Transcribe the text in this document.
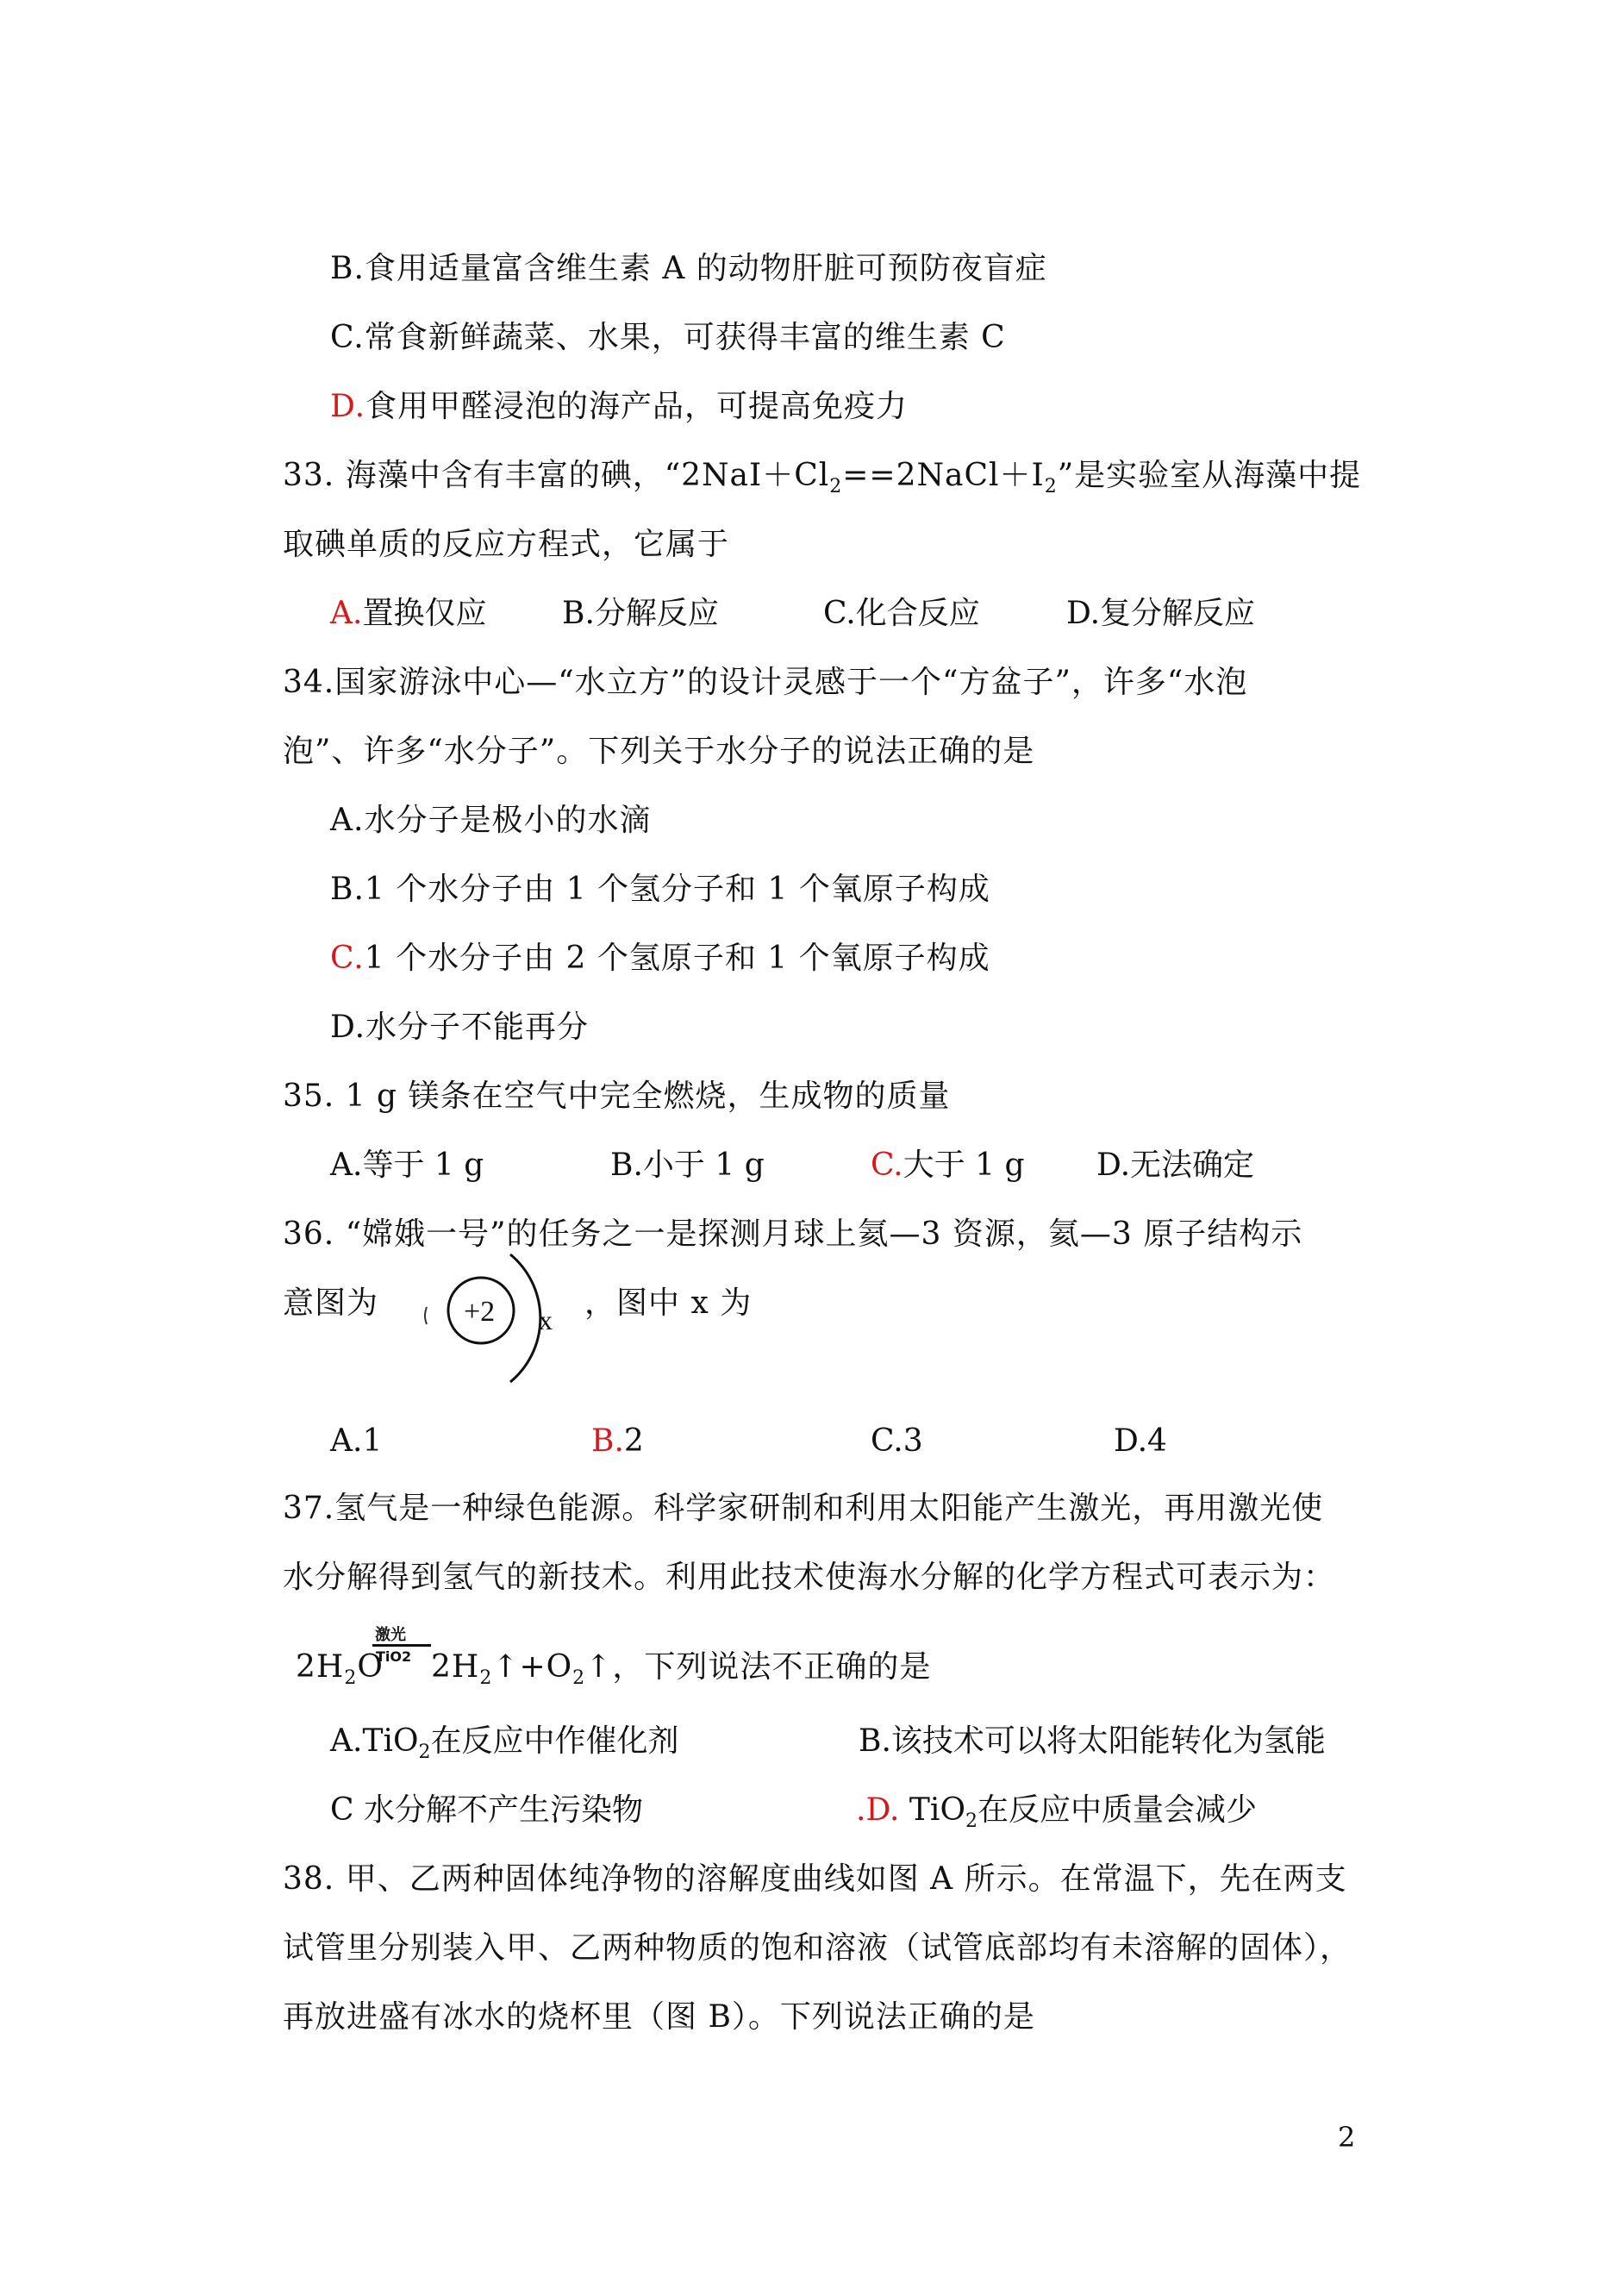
B.食用适量富含维生素 A 的动物肝脏可预防夜盲症
C.常食新鲜蔬菜、水果，可获得丰富的维生素 C
D.食用甲醛浸泡的海产品，可提高免疫力
33. 海藻中含有丰富的碘，“$2NaI+Cl_2==2NaCl+I_2$”是实验室从海藻中提
取碘单质的反应方程式，它属于
A.置换仅应 B.分解反应	C.化合反应	D.复分解反应
34.国家游泳中心—“水立方”的设计灵感于一个“方盆子”，许多“水泡
泡”、许多“水分子”。下列关于水分子的说法正确的是
A.水分子是极小的水滴
B.1 个水分子由 1 个氢分子和 1 个氧原子构成
C.1 个水分子由 2 个氢原子和 1 个氧原子构成
D.水分子不能再分
35. 1 g 镁条在空气中完全燃烧，生成物的质量
A.等于 1 g	B.小于 1 g	C.大于 1 g D.无法确定
36. “嫦娥一号”的任务之一是探测月球上氦—3 资源，氦—3 原子结构示
意图为	+2 x ，图中 x 为
A.1	B.2	C.3	D.4
37.氢气是一种绿色能源。科学家研制和利用太阳能产生激光，再用激光使
水分解得到氢气的新技术。利用此技术使海水分解的化学方程式可表示为：
$2H_2O$
激光
TiO2 $2H_2↑+O_2↑$，下列说法不正确的是
A.TiO$_2$在反应中作催化剂	B.该技术可以将太阳能转化为氢能
C 水分解不产生污染物	.D. TiO$_2$在反应中质量会减少
38. 甲、乙两种固体纯净物的溶解度曲线如图 A 所示。在常温下，先在两支
试管里分别装入甲、乙两种物质的饱和溶液（试管底部均有未溶解的固体），
再放进盛有冰水的烧杯里（图 B）。下列说法正确的是
2
